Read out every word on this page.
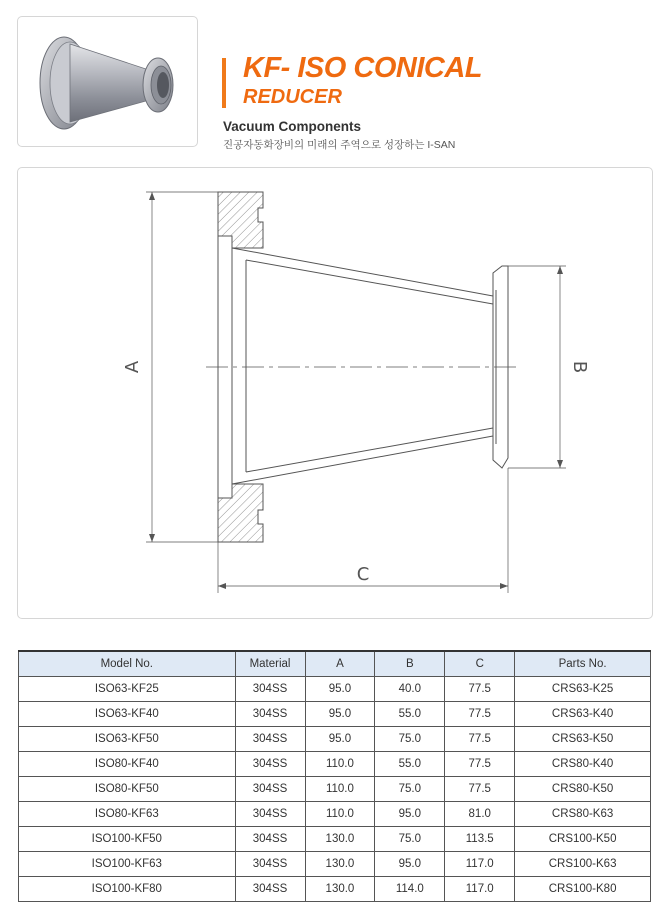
KF- ISO CONICAL
REDUCER
Vacuum Components
진공자동화장비의 미래의 주역으로 성장하는 I-SAN
A	B
C
Model No.	Material	A	B	C	Parts No.
ISO63-KF25	304SS	95.0	40.0	77.5	CRS63-K25
ISO63-KF40	304SS	95.0	55.0	77.5	CRS63-K40
ISO63-KF50	304SS	95.0	75.0	77.5	CRS63-K50
ISO80-KF40	304SS	110.0	55.0	77.5	CRS80-K40
ISO80-KF50	304SS	110.0	75.0	77.5	CRS80-K50
ISO80-KF63	304SS	110.0	95.0	81.0	CRS80-K63
ISO100-KF50	304SS	130.0	75.0	113.5	CRS100-K50
ISO100-KF63	304SS	130.0	95.0	117.0	CRS100-K63
ISO100-KF80	304SS	130.0	114.0	117.0	CRS100-K80
